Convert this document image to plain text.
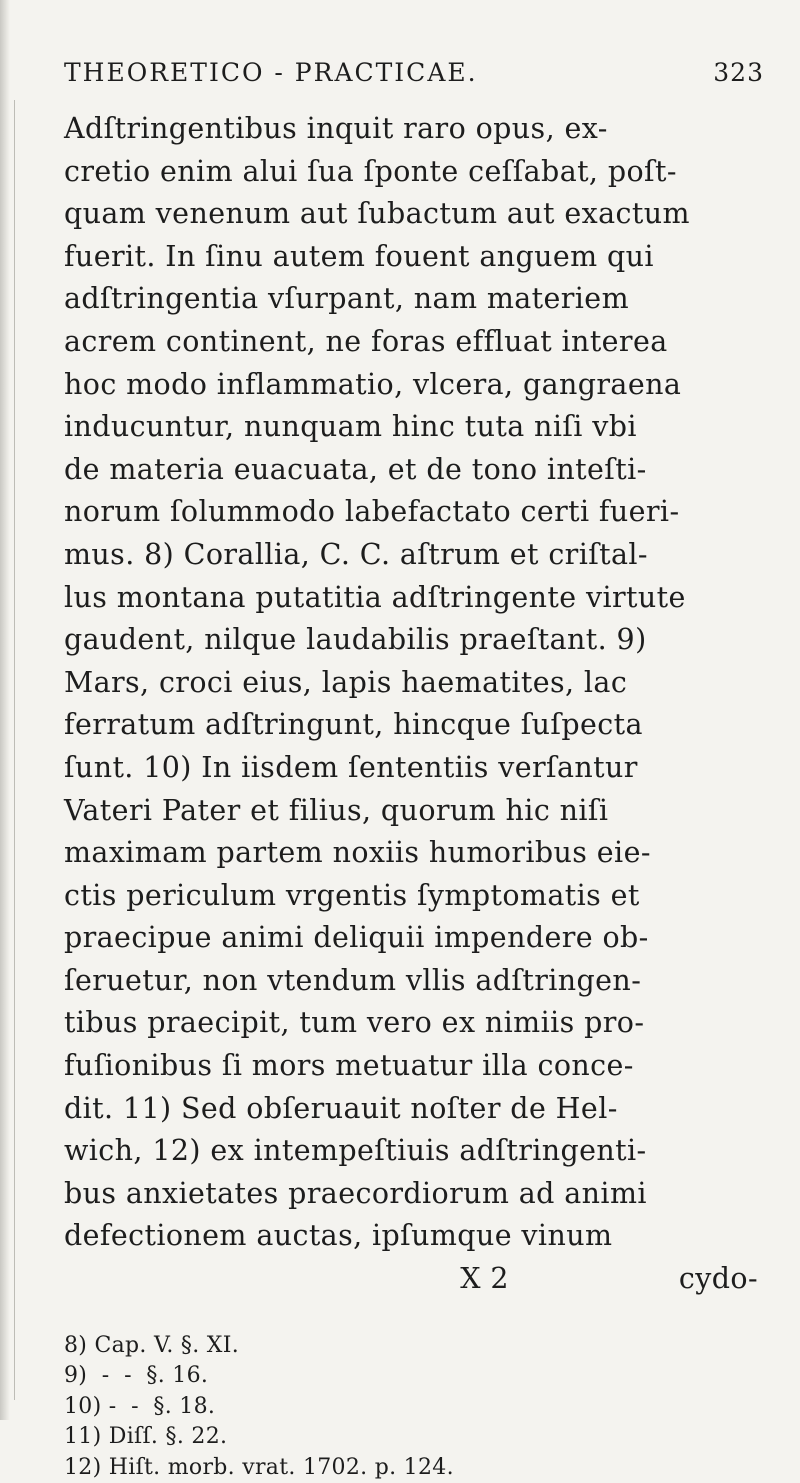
THEORETICO - PRACTICAE.	323
Adſtringentibus inquit raro opus, ex-
cretio enim alui ſua ſponte ceſſabat, poſt-
quam venenum aut ſubactum aut exactum
fuerit. In ſinu autem fouent anguem qui
adſtringentia vſurpant, nam materiem
acrem continent, ne foras effluat interea
hoc modo inflammatio, vlcera, gangraena
inducuntur, nunquam hinc tuta niſi vbi
de materia euacuata, et de tono inteſti-
norum ſolummodo labefactato certi fueri-
mus. 8) Corallia, C. C. aſtrum et criſtal-
lus montana putatitia adſtringente virtute
gaudent, nilque laudabilis praeſtant. 9)
Mars, croci eius, lapis haematites, lac
ferratum adſtringunt, hincque ſuſpecta
ſunt. 10) In iisdem ſententiis verſantur
Vateri Pater et filius, quorum hic niſi
maximam partem noxiis humoribus eie-
ctis periculum vrgentis ſymptomatis et
praecipue animi deliquii impendere ob-
ſeruetur, non vtendum vllis adſtringen-
tibus praecipit, tum vero ex nimiis pro-
fuſionibus ſi mors metuatur illa conce-
dit. 11) Sed obſeruauit noſter de Hel-
wich, 12) ex intempeſtiuis adſtringenti-
bus anxietates praecordiorum ad animi
defectionem auctas, ipſumque vinum
X 2	cydo-
8) Cap. V. §. XI.
9)  -  -  §. 16.
10) -  -  §. 18.
11) Diſſ. §. 22.
12) Hiſt. morb. vrat. 1702. p. 124.
